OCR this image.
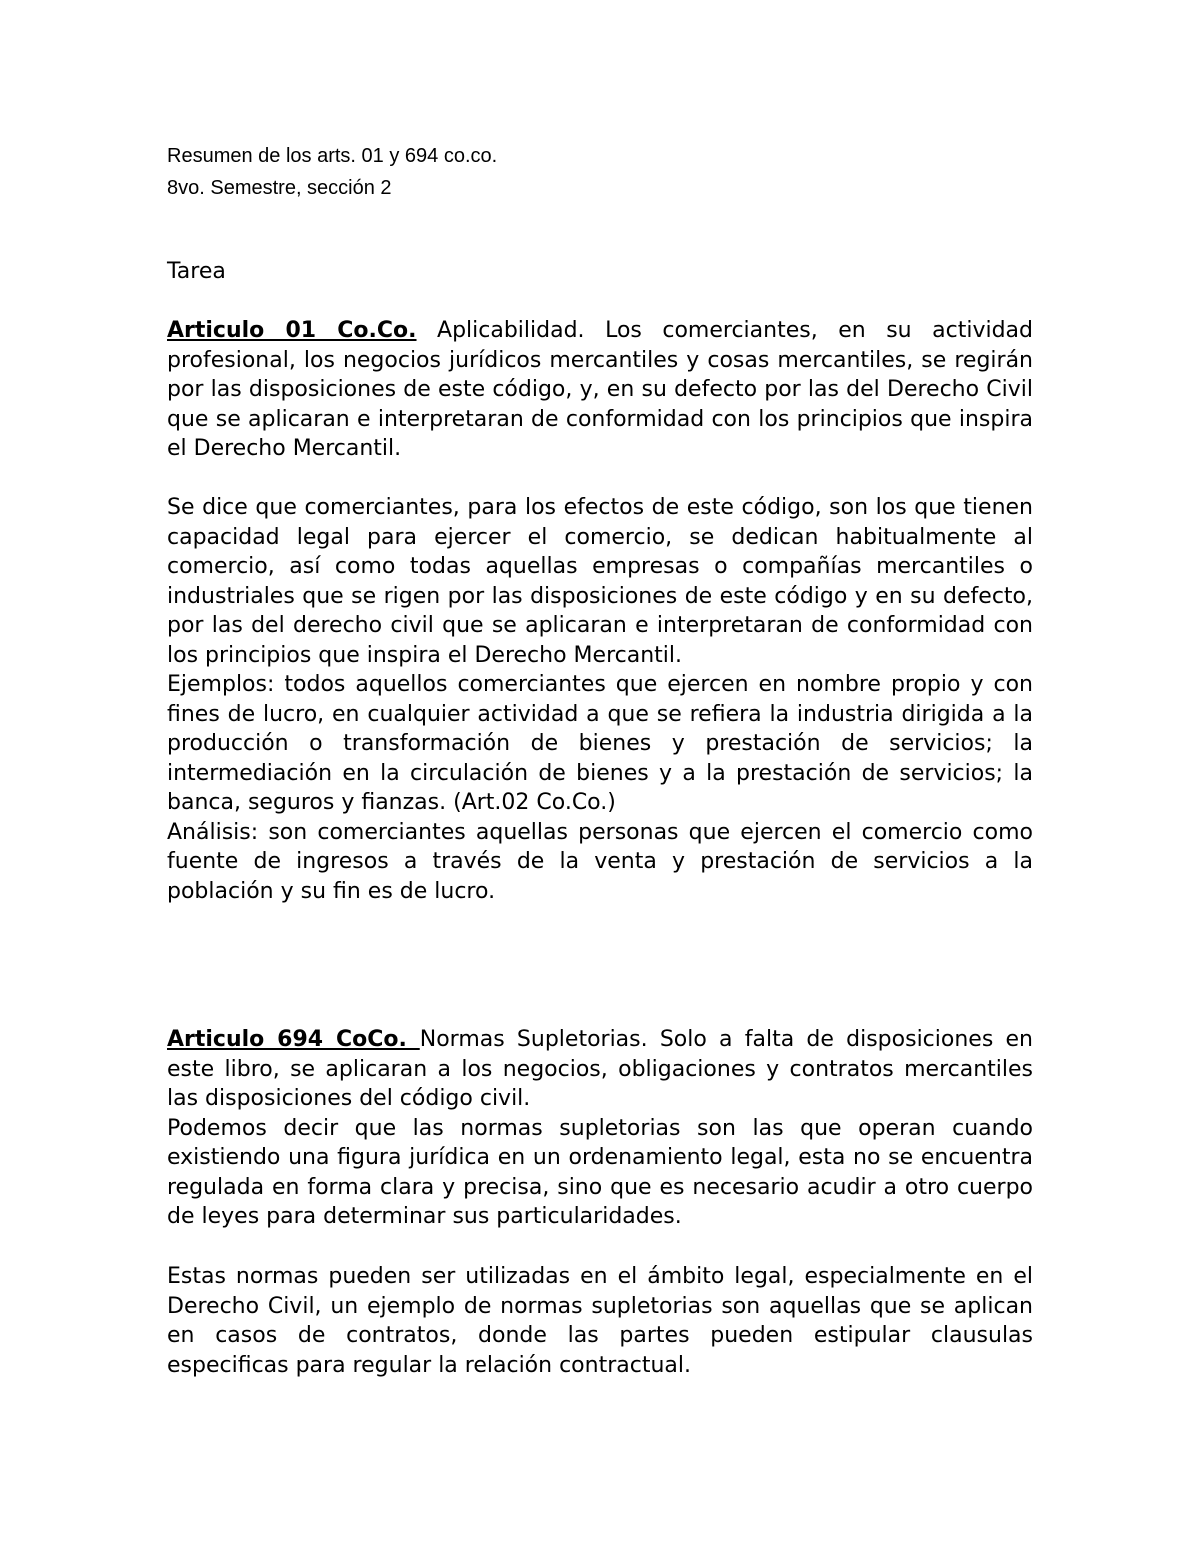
Resumen de los arts. 01 y 694 co.co.
8vo. Semestre, sección 2
Tarea

Articulo 01 Co.Co. Aplicabilidad. Los comerciantes, en su actividad profesional, los negocios jurídicos mercantiles y cosas mercantiles, se regirán por las disposiciones de este código, y, en su defecto por las del Derecho Civil que se aplicaran e interpretaran de conformidad con los principios que inspira el Derecho Mercantil.

Se dice que comerciantes, para los efectos de este código, son los que tienen capacidad legal para ejercer el comercio, se dedican habitualmente al comercio, así como todas aquellas empresas o compañías mercantiles o industriales que se rigen por las disposiciones de este código y en su defecto, por las del derecho civil que se aplicaran e interpretaran de conformidad con los principios que inspira el Derecho Mercantil.

Ejemplos: todos aquellos comerciantes que ejercen en nombre propio y con fines de lucro, en cualquier actividad a que se refiera la industria dirigida a la producción o transformación de bienes y prestación de servicios; la intermediación en la circulación de bienes y a la prestación de servicios; la banca, seguros y fianzas. (Art.02 Co.Co.)

Análisis: son comerciantes aquellas personas que ejercen el comercio como fuente de ingresos a través de la venta y prestación de servicios a la población y su fin es de lucro.

Articulo 694 CoCo. Normas Supletorias. Solo a falta de disposiciones en este libro, se aplicaran a los negocios, obligaciones y contratos mercantiles las disposiciones del código civil.

Podemos decir que las normas supletorias son las que operan cuando existiendo una figura jurídica en un ordenamiento legal, esta no se encuentra regulada en forma clara y precisa, sino que es necesario acudir a otro cuerpo de leyes para determinar sus particularidades.

Estas normas pueden ser utilizadas en el ámbito legal, especialmente en el Derecho Civil, un ejemplo de normas supletorias son aquellas que se aplican en casos de contratos, donde las partes pueden estipular clausulas especificas para regular la relación contractual.
